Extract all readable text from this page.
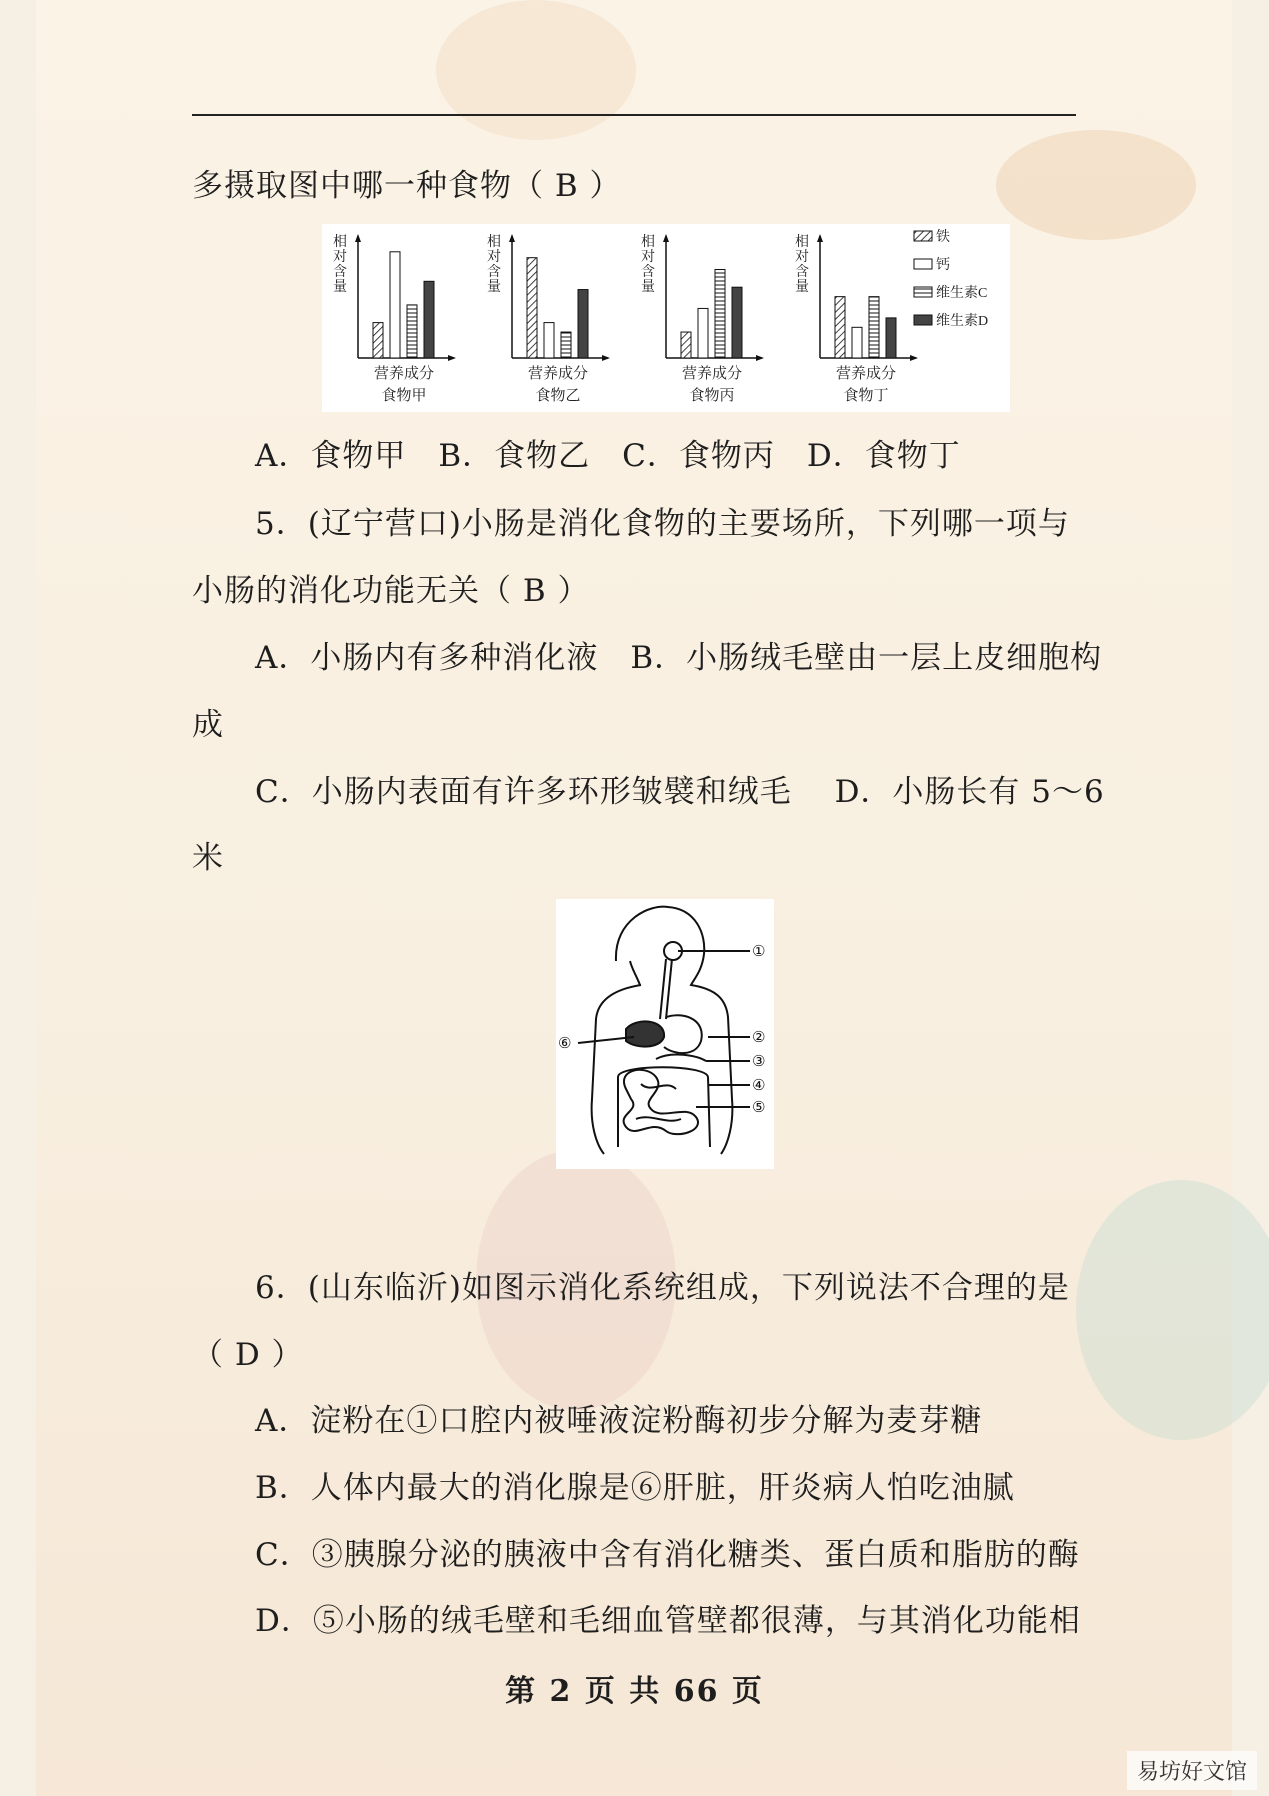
多摄取图中哪一种食物（ B ）
相
对
含
量
营养成分
食物甲
相
对
含
量
营养成分
食物乙
相
对
含
量
营养成分
食物丙
相
对
含
量
营养成分
食物丁
铁
钙
维生素C
维生素D
A．食物甲　B．食物乙　C．食物丙　D．食物丁
5．(辽宁营口)小肠是消化食物的主要场所，下列哪一项与
小肠的消化功能无关（ B ）
A．小肠内有多种消化液　B．小肠绒毛壁由一层上皮细胞构
成
C．小肠内表面有许多环形皱襞和绒毛　 D．小肠长有 5～6
米
①
②
③
④
⑤
⑥
6．(山东临沂)如图示消化系统组成，下列说法不合理的是
（ D ）
A．淀粉在①口腔内被唾液淀粉酶初步分解为麦芽糖
B．人体内最大的消化腺是⑥肝脏，肝炎病人怕吃油腻
C．③胰腺分泌的胰液中含有消化糖类、蛋白质和脂肪的酶
D．⑤小肠的绒毛壁和毛细血管壁都很薄，与其消化功能相
第 2 页 共 66 页
易坊好文馆
